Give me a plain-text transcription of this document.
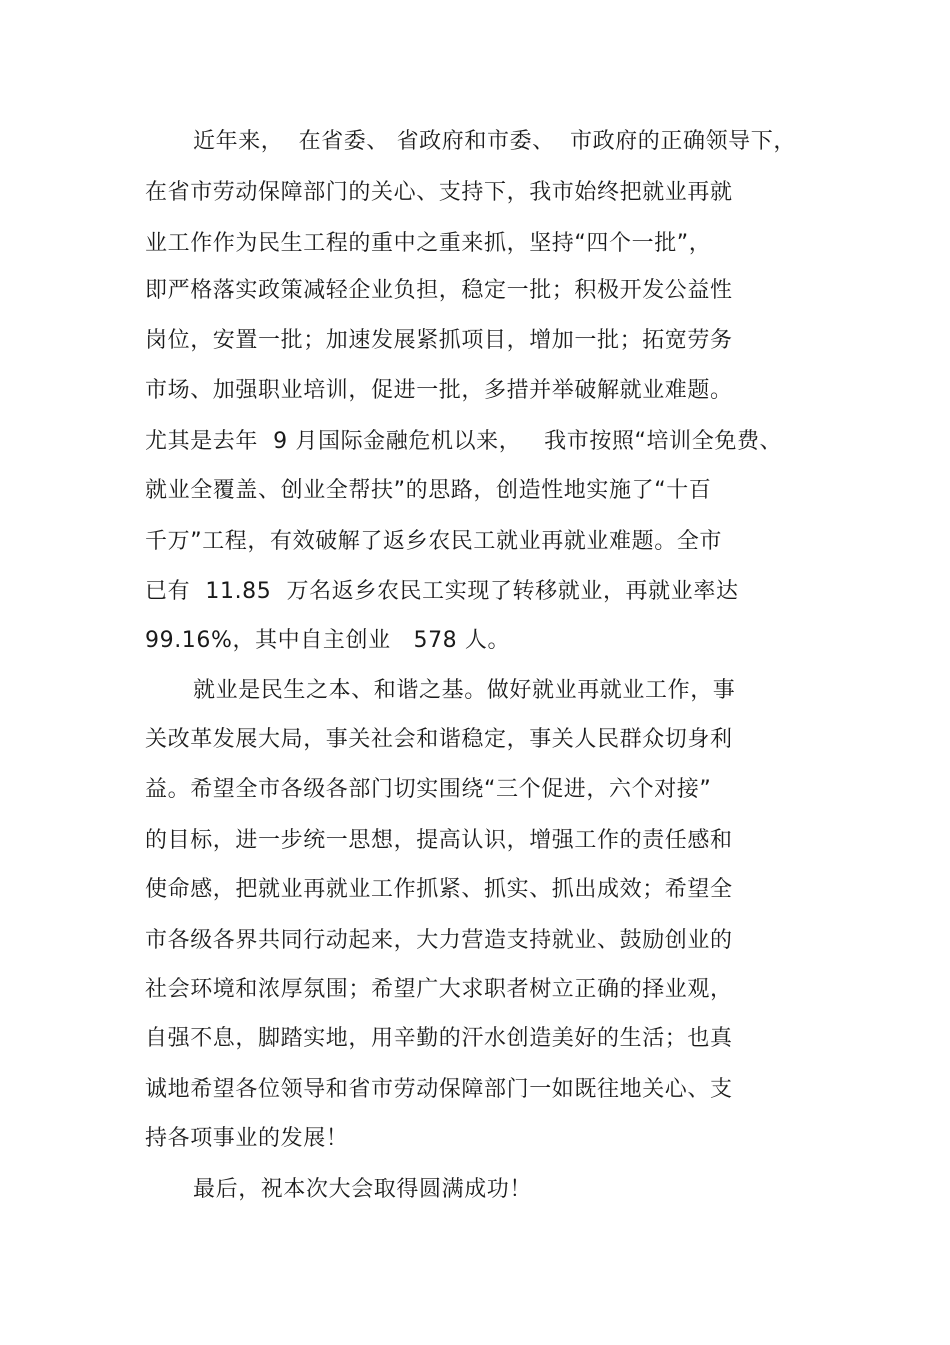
近年来，  在省委、 省政府和市委、  市政府的正确领导下，
在省市劳动保障部门的关心、支持下，我市始终把就业再就
业工作作为民生工程的重中之重来抓，坚持“四个一批”，
即严格落实政策减轻企业负担，稳定一批；积极开发公益性
岗位，安置一批；加速发展紧抓项目，增加一批；拓宽劳务
市场、加强职业培训，促进一批，多措并举破解就业难题。
尤其是去年  9 月国际金融危机以来，   我市按照“培训全免费、
就业全覆盖、创业全帮扶”的思路，创造性地实施了“十百
千万”工程，有效破解了返乡农民工就业再就业难题。全市
已有  11.85  万名返乡农民工实现了转移就业，再就业率达
99.16%，其中自主创业   578 人。
就业是民生之本、和谐之基。做好就业再就业工作，事
关改革发展大局，事关社会和谐稳定，事关人民群众切身利
益。希望全市各级各部门切实围绕“三个促进，六个对接”
的目标，进一步统一思想，提高认识，增强工作的责任感和
使命感，把就业再就业工作抓紧、抓实、抓出成效；希望全
市各级各界共同行动起来，大力营造支持就业、鼓励创业的
社会环境和浓厚氛围；希望广大求职者树立正确的择业观，
自强不息，脚踏实地，用辛勤的汗水创造美好的生活；也真
诚地希望各位领导和省市劳动保障部门一如既往地关心、支
持各项事业的发展！
最后，祝本次大会取得圆满成功！
